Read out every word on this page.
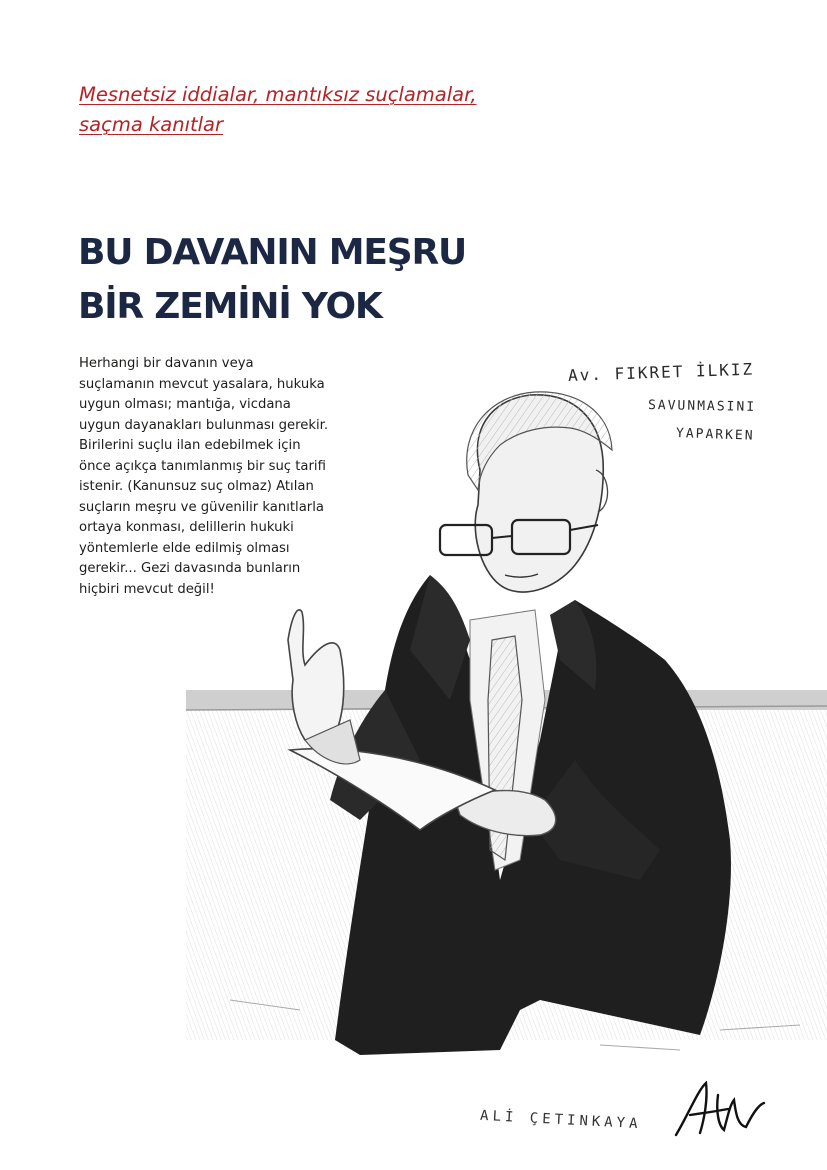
Mesnetsiz iddialar, mantıksız suçlamalar,
saçma kanıtlar
BU DAVANIN MEŞRU
BİR ZEMİNİ YOK

Herhangi bir davanın veya
suçlamanın mevcut yasalara, hukuka
uygun olması; mantığa, vicdana
uygun dayanakları bulunması gerekir.
Birilerini suçlu ilan edebilmek için
önce açıkça tanımlanmış bir suç tarifi
istenir. (Kanunsuz suç olmaz) Atılan
suçların meşru ve güvenilir kanıtlarla
ortaya konması, delillerin hukuki
yöntemlerle elde edilmiş olması
gerekir... Gezi davasında bunların
hiçbiri mevcut değil!

Av. FIKRET İLKIZ
SAVUNMASINI
YAPARKEN
ALİ ÇETINKAYA
